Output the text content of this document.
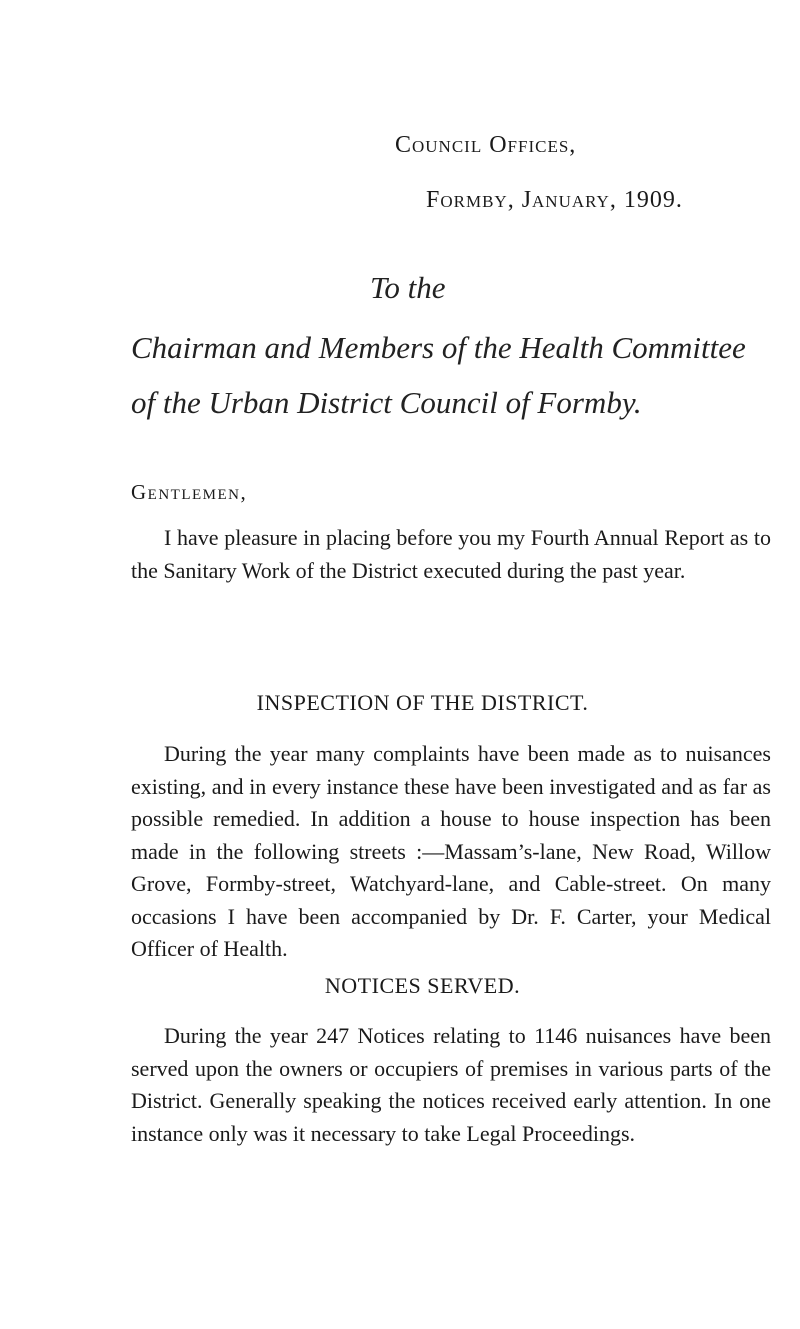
Council Offices,
Formby, January, 1909.
To the
Chairman and Members of the Health Committee
of the Urban District Council of Formby.
Gentlemen,

I have pleasure in placing before you my Fourth Annual Report as to the Sanitary Work of the District executed during the past year.

INSPECTION OF THE DISTRICT.

During the year many complaints have been made as to nuisances existing, and in every instance these have been investigated and as far as possible remedied. In addition a house to house inspection has been made in the following streets :—Massam’s-lane, New Road, Willow Grove, Formby-street, Watchyard-lane, and Cable-street. On many occasions I have been accompanied by Dr. F. Carter, your Medical Officer of Health.

NOTICES SERVED.

During the year 247 Notices relating to 1146 nuisances have been served upon the owners or occupiers of premises in various parts of the District. Generally speaking the notices received early attention. In one instance only was it necessary to take Legal Proceedings.
